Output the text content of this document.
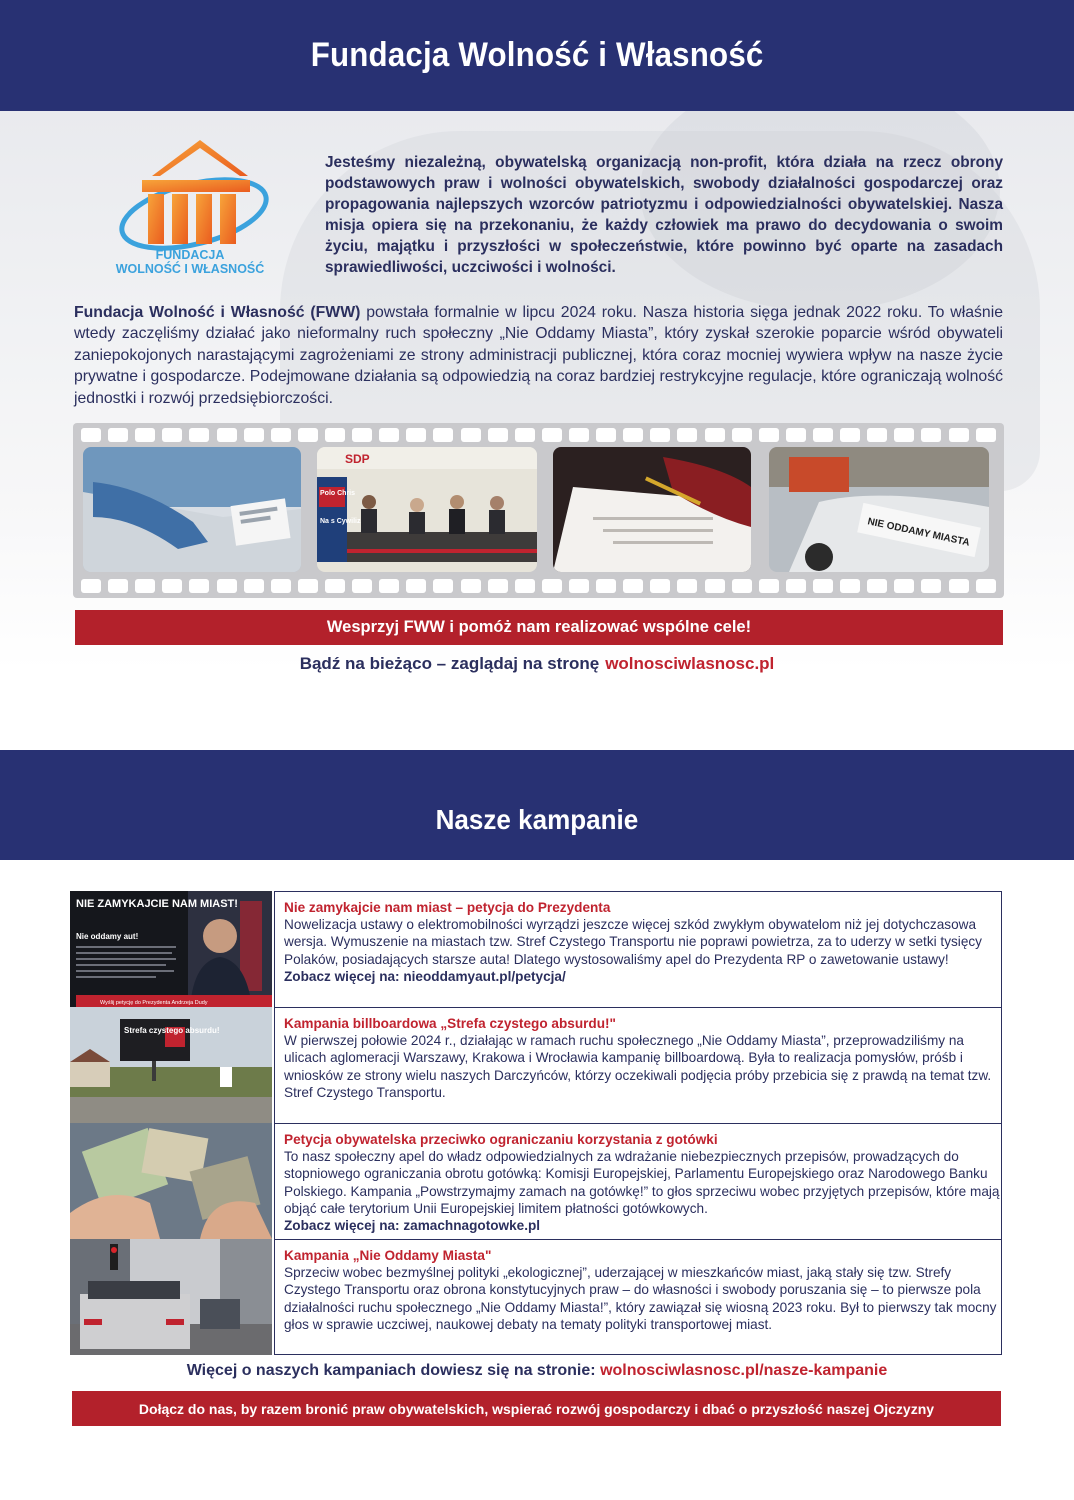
Fundacja Wolność i Własność
FUNDACJA
WOLNOŚĆ I WŁASNOŚĆ
Jesteśmy niezależną, obywatelską organizacją non-profit, która działa na rzecz obrony podstawowych praw i wolności obywatelskich, swobody działalności gospodarczej oraz propagowania najlepszych wzorców patriotyzmu i odpowiedzialności obywatelskiej. Nasza misja opiera się na przekonaniu, że każdy człowiek ma prawo do decydowania o swoim życiu, majątku i przyszłości w społeczeństwie, które powinno być oparte na zasadach sprawiedliwości, uczciwości i wolności.
Fundacja Wolność i Własność (FWW) powstała formalnie w lipcu 2024 roku. Nasza historia sięga jednak 2022 roku. To właśnie wtedy zaczęliśmy działać jako nieformalny ruch społeczny „Nie Oddamy Miasta”, który zyskał szerokie poparcie wśród obywateli zaniepokojonych narastającymi zagrożeniami ze strony administracji publicznej, która coraz mocniej wywiera wpływ na nasze życie prywatne i gospodarcze. Podejmowane działania są odpowiedzią na coraz bardziej restrykcyjne regulacje, które ograniczają wolność jednostki i rozwój przedsiębiorczości.
SDP
Polo Chris
Na s Cywiliz	NIE ODDAMY MIASTA
Wesprzyj FWW i pomóż nam realizować wspólne cele!
Bądź na bieżąco – zaglądaj na stronę wolnosciwlasnosc.pl
Nasze kampanie
NIE ZAMYKAJCIE NAM MIAST!
Nie oddamy aut!
Wyślij petycję do Prezydenta Andrzeja Dudy
Nie zamykajcie nam miast – petycja do Prezydenta
Nowelizacja ustawy o elektromobilności wyrządzi jeszcze więcej szkód zwykłym obywatelom niż jej dotychczasowa wersja. Wymuszenie na miastach tzw. Stref Czystego Transportu nie poprawi powietrza, za to uderzy w setki tysięcy Polaków, posiadających starsze auta! Dlatego wystosowaliśmy apel do Prezydenta RP o zawetowanie ustawy!
Zobacz więcej na: nieoddamyaut.pl/petycja/
Strefa czystego absurdu!	Kampania billboardowa „Strefa czystego absurdu!"
W pierwszej połowie 2024 r., działając w ramach ruchu społecznego „Nie Oddamy Miasta”, przeprowadziliśmy na ulicach aglomeracji Warszawy, Krakowa i Wrocławia kampanię billboardową. Była to realizacja pomysłów, próśb i wniosków ze strony wielu naszych Darczyńców, którzy oczekiwali podjęcia próby przebicia się z prawdą na temat tzw. Stref Czystego Transportu.
Petycja obywatelska przeciwko ograniczaniu korzystania z gotówki
To nasz społeczny apel do władz odpowiedzialnych za wdrażanie niebezpiecznych przepisów, prowadzących do stopniowego ograniczania obrotu gotówką: Komisji Europejskiej, Parlamentu Europejskiego oraz Narodowego Banku Polskiego. Kampania „Powstrzymajmy zamach na gotówkę!” to głos sprzeciwu wobec przyjętych przepisów, które mają objąć całe terytorium Unii Europejskiej limitem płatności gotówkowych.
Zobacz więcej na: zamachnagotowke.pl
Kampania „Nie Oddamy Miasta"
Sprzeciw wobec bezmyślnej polityki „ekologicznej”, uderzającej w mieszkańców miast, jaką stały się tzw. Strefy Czystego Transportu oraz obrona konstytucyjnych praw – do własności i swobody poruszania się – to pierwsze pola działalności ruchu społecznego „Nie Oddamy Miasta!”, który zawiązał się wiosną 2023 roku. Był to pierwszy tak mocny głos w sprawie uczciwej, naukowej debaty na tematy polityki transportowej miast.
Więcej o naszych kampaniach dowiesz się na stronie: wolnosciwlasnosc.pl/nasze-kampanie
Dołącz do nas, by razem bronić praw obywatelskich, wspierać rozwój gospodarczy i dbać o przyszłość naszej Ojczyzny
